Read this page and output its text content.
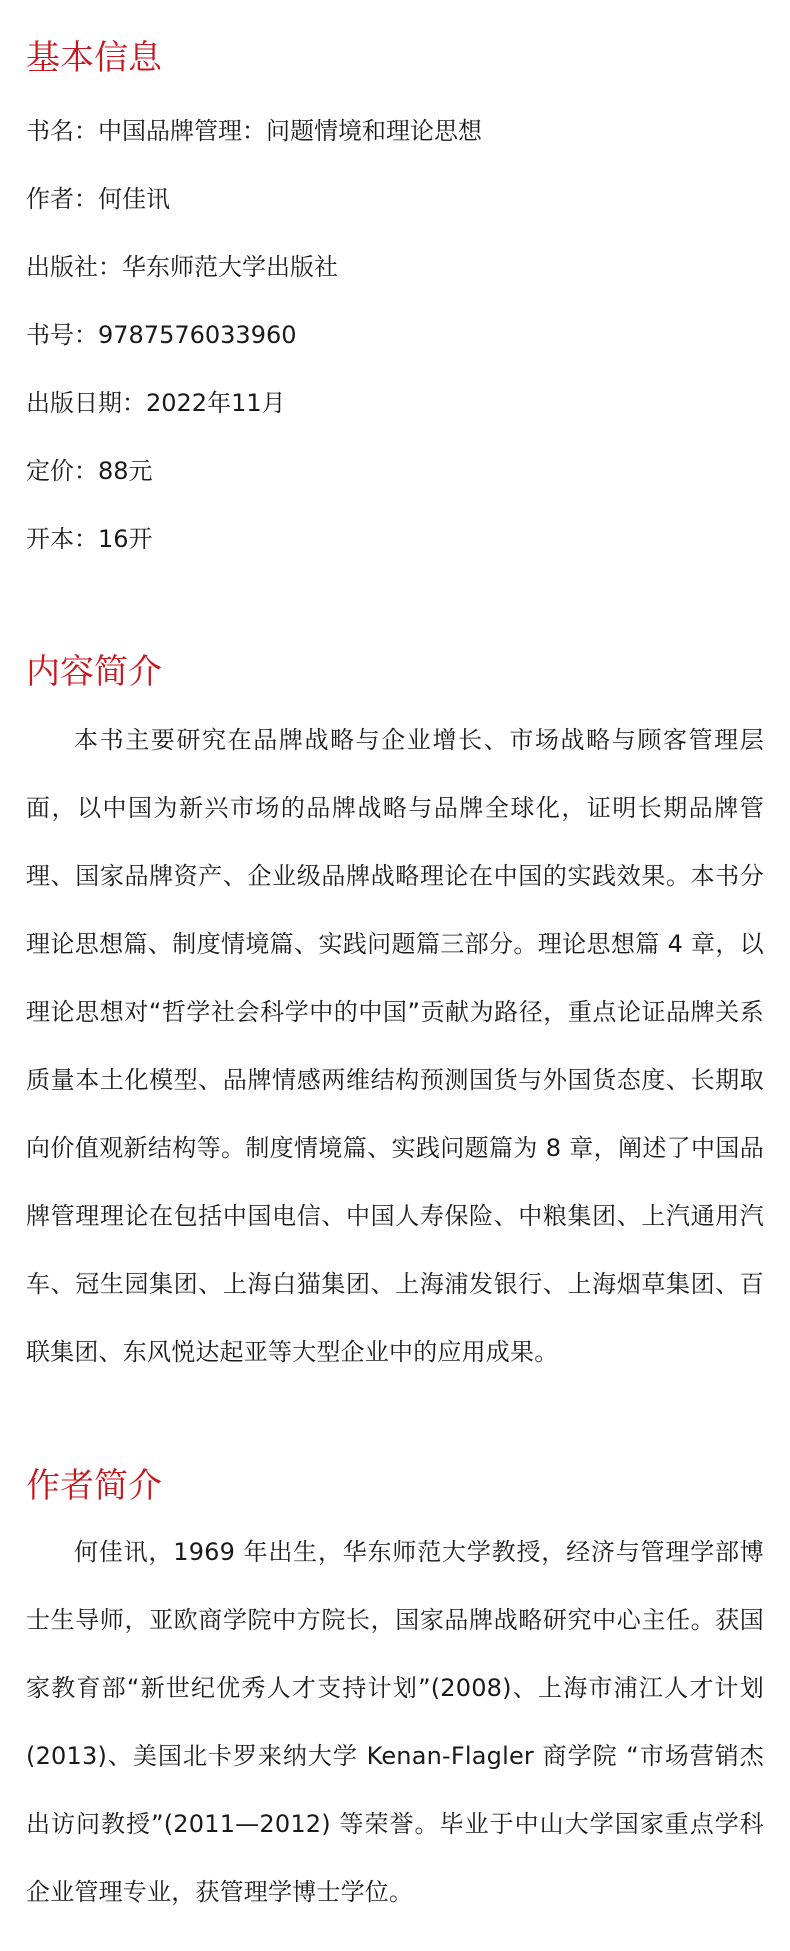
基本信息

书名：中国品牌管理：问题情境和理论思想

作者：何佳讯

出版社：华东师范大学出版社

书号：9787576033960

出版日期：2022年11月

定价：88元

开本：16开

内容简介

本书主要研究在品牌战略与企业增长、市场战略与顾客管理层面，以中国为新兴市场的品牌战略与品牌全球化，证明长期品牌管理、国家品牌资产、企业级品牌战略理论在中国的实践效果。本书分理论思想篇、制度情境篇、实践问题篇三部分。理论思想篇 4 章，以理论思想对“哲学社会科学中的中国”贡献为路径，重点论证品牌关系质量本土化模型、品牌情感两维结构预测国货与外国货态度、长期取向价值观新结构等。制度情境篇、实践问题篇为 8 章，阐述了中国品牌管理理论在包括中国电信、中国人寿保险、中粮集团、上汽通用汽车、冠生园集团、上海白猫集团、上海浦发银行、上海烟草集团、百联集团、东风悦达起亚等大型企业中的应用成果。

作者简介

何佳讯，1969 年出生，华东师范大学教授，经济与管理学部博士生导师，亚欧商学院中方院长，国家品牌战略研究中心主任。获国家教育部“新世纪优秀人才支持计划”(2008)、上海市浦江人才计划(2013)、美国北卡罗来纳大学 Kenan-Flagler 商学院 “市场营销杰出访问教授”(2011—2012) 等荣誉。毕业于中山大学国家重点学科企业管理专业，获管理学博士学位。
